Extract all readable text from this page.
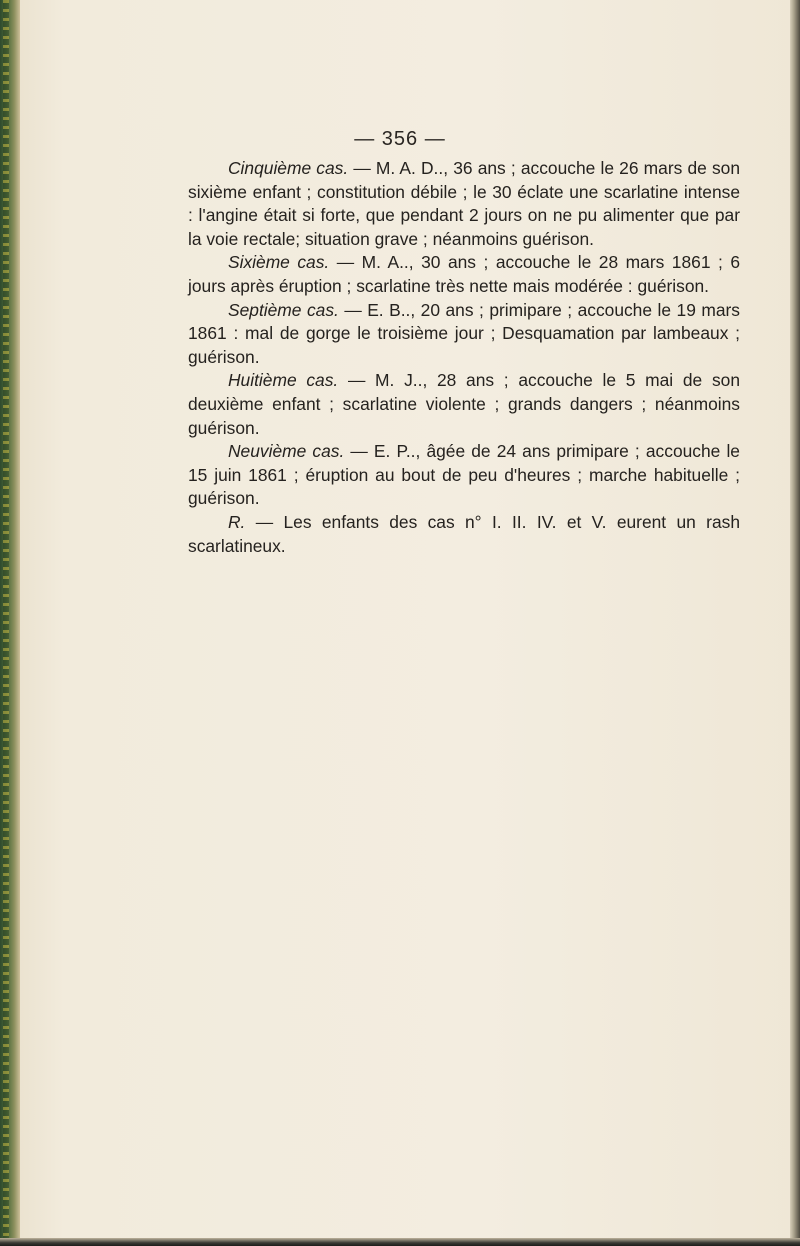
— 356 —

Cinquième cas. — M. A. D.., 36 ans ; accouche le 26 mars de son sixième enfant ; constitution débile ; le 30 éclate une scarlatine intense : l'angine était si forte, que pendant 2 jours on ne pu alimenter que par la voie rectale; situation grave ; néanmoins guérison.

Sixième cas. — M. A.., 30 ans ; accouche le 28 mars 1861 ; 6 jours après éruption ; scarlatine très nette mais modérée : guérison.

Septième cas. — E. B.., 20 ans ; primipare ; accouche le 19 mars 1861 : mal de gorge le troisième jour ; Desquamation par lambeaux ; guérison.

Huitième cas. — M. J.., 28 ans ; accouche le 5 mai de son deuxième enfant ; scarlatine violente ; grands dangers ; néanmoins guérison.

Neuvième cas. — E. P.., âgée de 24 ans primipare ; accouche le 15 juin 1861 ; éruption au bout de peu d'heures ; marche habituelle ; guérison.

R. — Les enfants des cas n° I. II. IV. et V. eurent un rash scarlatineux.
